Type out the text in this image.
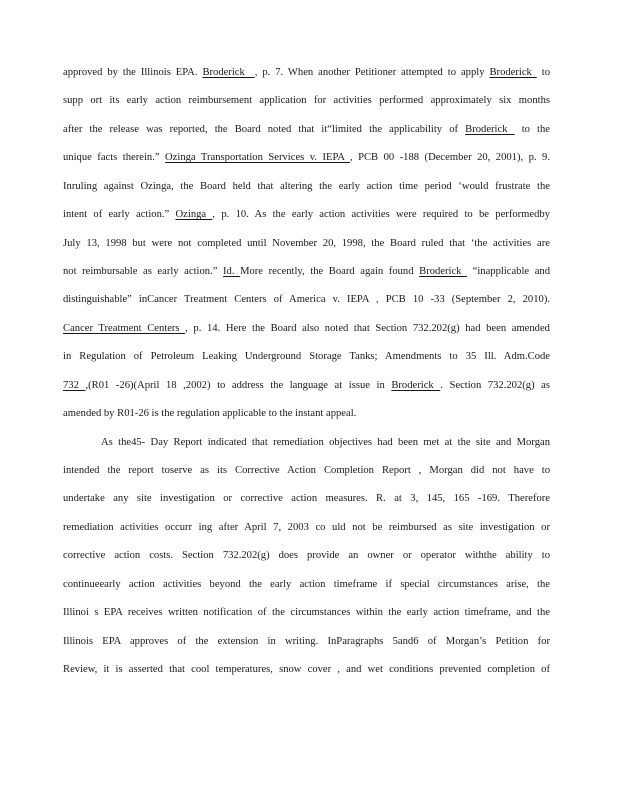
approved by the Illinois EPA. Broderick  , p. 7. When another Petitioner attempted to apply Broderick  to
supp ort its early action reimbursement application for activities performed approximately six months
after the release was reported, the Board noted that it“limited the applicability of Broderick  to the
unique facts therein.” Ozinga Transportation Services v. IEPA , PCB 00 -188 (December 20, 2001), p. 9.
Inruling against Ozinga, the Board held that altering the early action time period ‘would frustrate the
intent of early action.” Ozinga , p. 10. As the early action activities were required to be performedby
July 13, 1998 but were not completed until November 20, 1998, the Board ruled that ‘the activities are
not reimbursable as early action.” Id. More recently, the Board again found Broderick  “inapplicable and
distinguishable” inCancer Treatment Centers of America v. IEPA , PCB 10 -33 (September 2, 2010).
Cancer Treatment Centers , p. 14. Here the Board also noted that Section 732.202(g) had been amended
in Regulation of Petroleum Leaking Underground Storage Tanks; Amendments to 35 Ill. Adm.Code
732 ,(R01 -26)(April 18 ,2002) to address the language at issue in Broderick . Section 732.202(g) as
amended by R01-26 is the regulation applicable to the instant appeal.
As the45- Day Report indicated that remediation objectives had been met at the site and Morgan
intended the report toserve as its Corrective Action Completion Report , Morgan did not have to
undertake any site investigation or corrective action measures. R. at 3, 145, 165 -169. Therefore
remediation activities occurr ing after April 7, 2003 co uld not be reimbursed as site investigation or
corrective action costs. Section 732.202(g) does provide an owner or operator withthe ability to
continueearly action activities beyond the early action timeframe if special circumstances arise, the
Illinoi s EPA receives written notification of the circumstances within the early action timeframe, and the
Illinois EPA approves of the extension in writing. InParagraphs 5and6 of Morgan’s Petition for
Review, it is asserted that cool temperatures, snow cover , and wet conditions prevented completion of
